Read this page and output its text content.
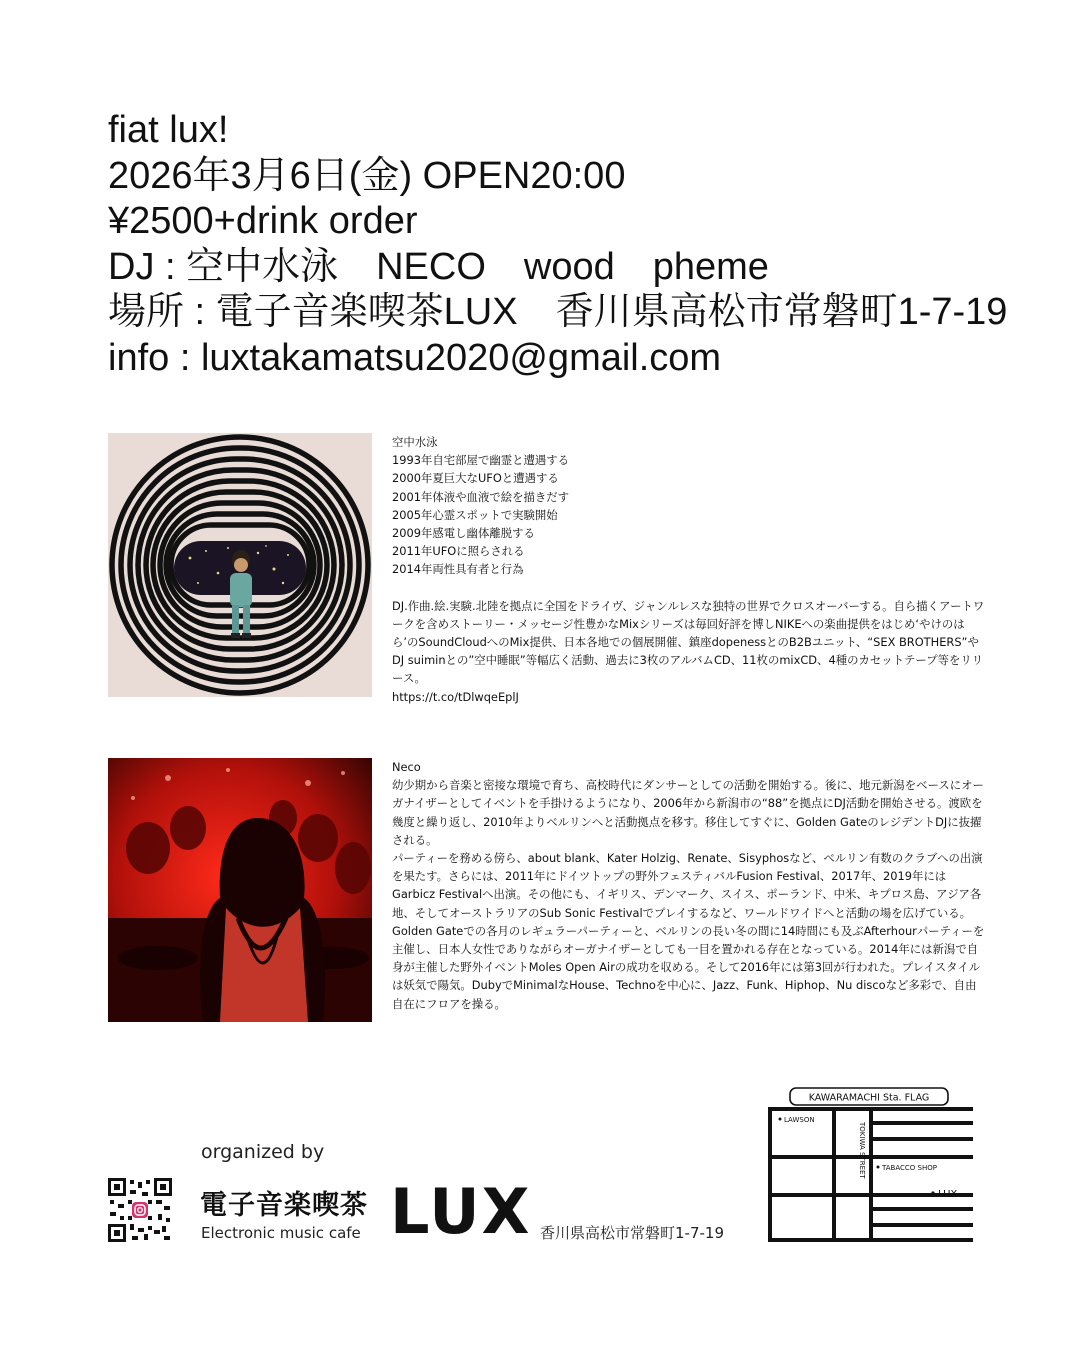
fiat lux!
2026年3月6日(金) OPEN20:00
¥2500+drink order
DJ : 空中水泳　NECO　wood　pheme
場所 : 電子音楽喫茶LUX　香川県高松市常磐町1-7-19
info : luxtakamatsu2020@gmail.com
空中水泳

1993年自宅部屋で幽霊と遭遇する

2000年夏巨大なUFOと遭遇する

2001年体液や血液で絵を描きだす

2005年心霊スポットで実験開始

2009年感電し幽体離脱する

2011年UFOに照らされる

2014年両性具有者と行為

DJ.作曲.絵.実験.北陸を拠点に全国をドライヴ、ジャンルレスな独特の世界でクロスオーバーする。自ら描くアートワークを含めストーリー・メッセージ性豊かなMixシリーズは毎回好評を博しNIKEへの楽曲提供をはじめ‘やけのはら’のSoundCloudへのMix提供、日本各地での個展開催、鎮座dopenessとのB2Bユニット、“SEX BROTHERS”やDJ suiminとの”空中睡眠”等幅広く活動、過去に3枚のアルバムCD、11枚のmixCD、4種のカセットテープ等をリリース。

https://t.co/tDlwqeEplJ

Neco

幼少期から音楽と密接な環境で育ち、高校時代にダンサーとしての活動を開始する。後に、地元新潟をベースにオーガナイザーとしてイベントを手掛けるようになり、2006年から新潟市の“88”を拠点にDJ活動を開始させる。渡欧を幾度と繰り返し、2010年よりベルリンへと活動拠点を移す。移住してすぐに、Golden GateのレジデントDJに抜擢される。

パーティーを務める傍ら、about blank、Kater Holzig、Renate、Sisyphosなど、ベルリン有数のクラブへの出演を果たす。さらには、2011年にドイツトップの野外フェスティバルFusion Festival、2017年、2019年にはGarbicz Festivalへ出演。その他にも、イギリス、デンマーク、スイス、ポーランド、中米、キプロス島、アジア各地、そしてオーストラリアのSub Sonic Festivalでプレイするなど、ワールドワイドへと活動の場を広げている。

Golden Gateでの各月のレギュラーパーティーと、ベルリンの長い冬の間に14時間にも及ぶAfterhourパーティーを主催し、日本人女性でありながらオーガナイザーとしても一目を置かれる存在となっている。2014年には新潟で自身が主催した野外イベントMoles Open Airの成功を収める。そして2016年には第3回が行われた。プレイスタイルは妖気で陽気。DubyでMinimalなHouse、Technoを中心に、Jazz、Funk、Hiphop、Nu discoなど多彩で、自由自在にフロアを操る。

organized by
電子音楽喫茶
Electronic music cafe LUX 香川県高松市常磐町1-7-19
KAWARAMACHI Sta. FLAG
LAWSON
TOKIWA STREET TABACCO SHOP
LUX
